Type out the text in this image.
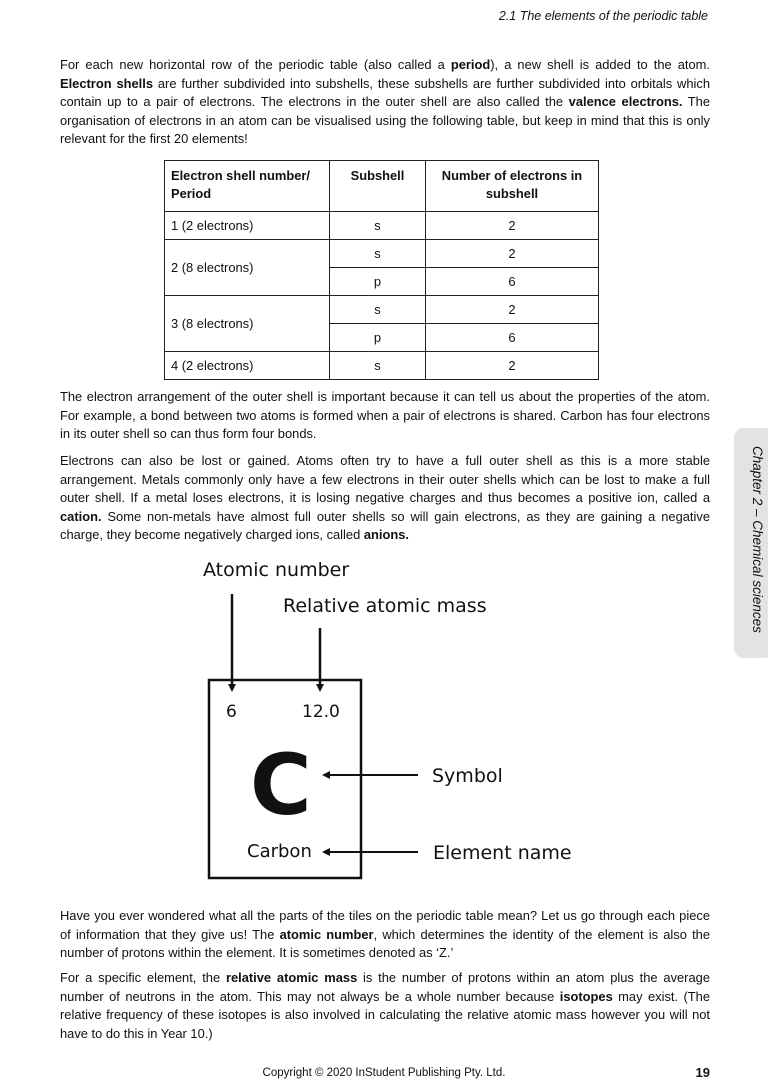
2.1 The elements of the periodic table

For each new horizontal row of the periodic table (also called a period), a new shell is added to the atom. Electron shells are further subdivided into subshells, these subshells are further subdivided into orbitals which contain up to a pair of electrons. The electrons in the outer shell are also called the valence electrons. The organisation of electrons in an atom can be visualised using the following table, but keep in mind that this is only relevant for the first 20 elements!

Electron shell number/ Period	Subshell	Number of electrons in subshell
1 (2 electrons)	s	2
2 (8 electrons)	s	2
	p	6
3 (8 electrons)	s	2
	p	6
4 (2 electrons)	s	2

The electron arrangement of the outer shell is important because it can tell us about the properties of the atom. For example, a bond between two atoms is formed when a pair of electrons is shared. Carbon has four electrons in its outer shell so can thus form four bonds.

Electrons can also be lost or gained. Atoms often try to have a full outer shell as this is a more stable arrangement. Metals commonly only have a few electrons in their outer shells which can be lost to make a full outer shell. If a metal loses electrons, it is losing negative charges and thus becomes a positive ion, called a cation. Some non-metals have almost full outer shells so will gain electrons, as they are gaining a negative charge, they become negatively charged ions, called anions.	Chapter 2 – Chemical sciences
Atomic number
Relative atomic mass
6	12.0
C
Carbon
Symbol
Element name

Have you ever wondered what all the parts of the tiles on the periodic table mean? Let us go through each piece of information that they give us! The atomic number, which determines the identity of the element is also the number of protons within the element. It is sometimes denoted as ‘Z.’

For a specific element, the relative atomic mass is the number of protons within an atom plus the average number of neutrons in the atom. This may not always be a whole number because isotopes may exist. (The relative frequency of these isotopes is also involved in calculating the relative atomic mass however you will not have to do this in Year 10.)

Copyright © 2020 InStudent Publishing Pty. Ltd.	19
